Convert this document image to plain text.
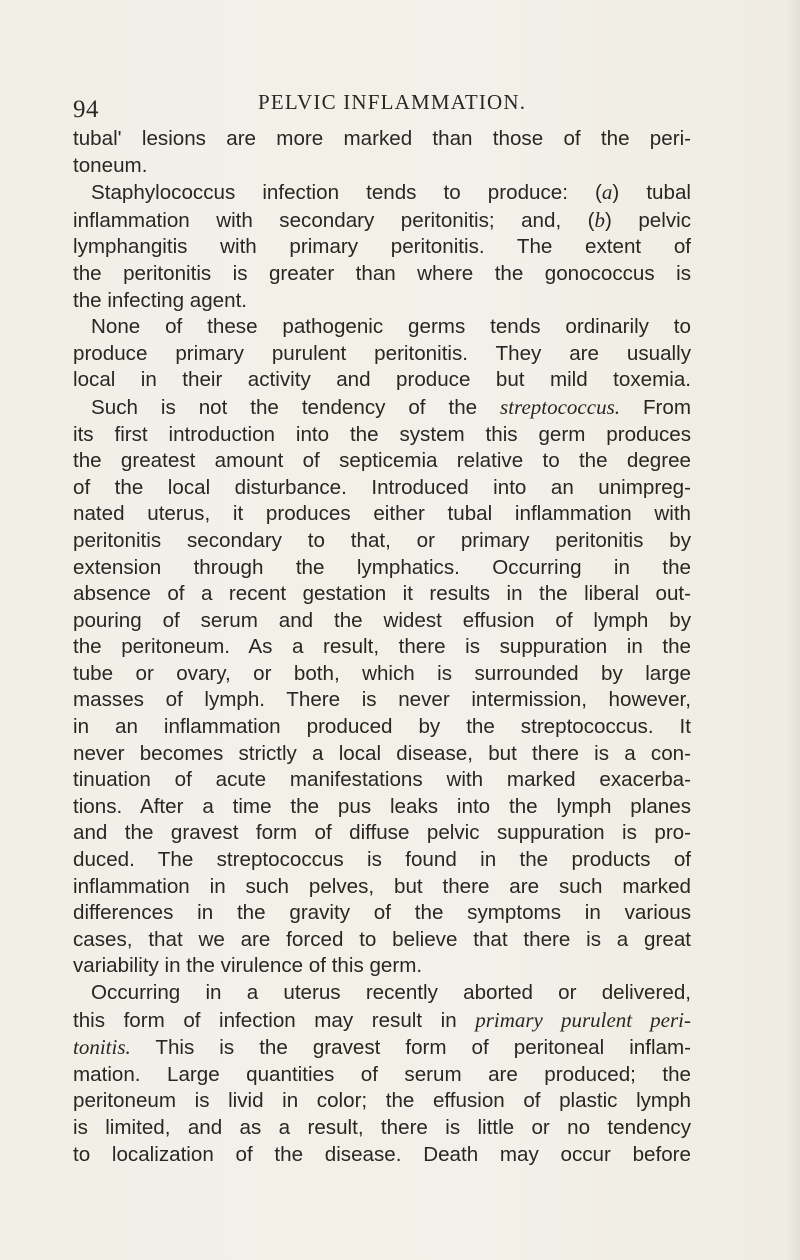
94	PELVIC INFLAMMATION.
tubal' lesions are more marked than those of the peri-
toneum.
Staphylococcus infection tends to produce: (a) tubal
inflammation with secondary peritonitis; and, (b) pelvic
lymphangitis with primary peritonitis. The extent of
the peritonitis is greater than where the gonococcus is
the infecting agent.
None of these pathogenic germs tends ordinarily to
produce primary purulent peritonitis. They are usually
local in their activity and produce but mild toxemia.
Such is not the tendency of the streptococcus. From
its first introduction into the system this germ produces
the greatest amount of septicemia relative to the degree
of the local disturbance. Introduced into an unimpreg-
nated uterus, it produces either tubal inflammation with
peritonitis secondary to that, or primary peritonitis by
extension through the lymphatics. Occurring in the
absence of a recent gestation it results in the liberal out-
pouring of serum and the widest effusion of lymph by
the peritoneum. As a result, there is suppuration in the
tube or ovary, or both, which is surrounded by large
masses of lymph. There is never intermission, however,
in an inflammation produced by the streptococcus. It
never becomes strictly a local disease, but there is a con-
tinuation of acute manifestations with marked exacerba-
tions. After a time the pus leaks into the lymph planes
and the gravest form of diffuse pelvic suppuration is pro-
duced. The streptococcus is found in the products of
inflammation in such pelves, but there are such marked
differences in the gravity of the symptoms in various
cases, that we are forced to believe that there is a great
variability in the virulence of this germ.
Occurring in a uterus recently aborted or delivered,
this form of infection may result in primary purulent peri-
tonitis. This is the gravest form of peritoneal inflam-
mation. Large quantities of serum are produced; the
peritoneum is livid in color; the effusion of plastic lymph
is limited, and as a result, there is little or no tendency
to localization of the disease. Death may occur before
